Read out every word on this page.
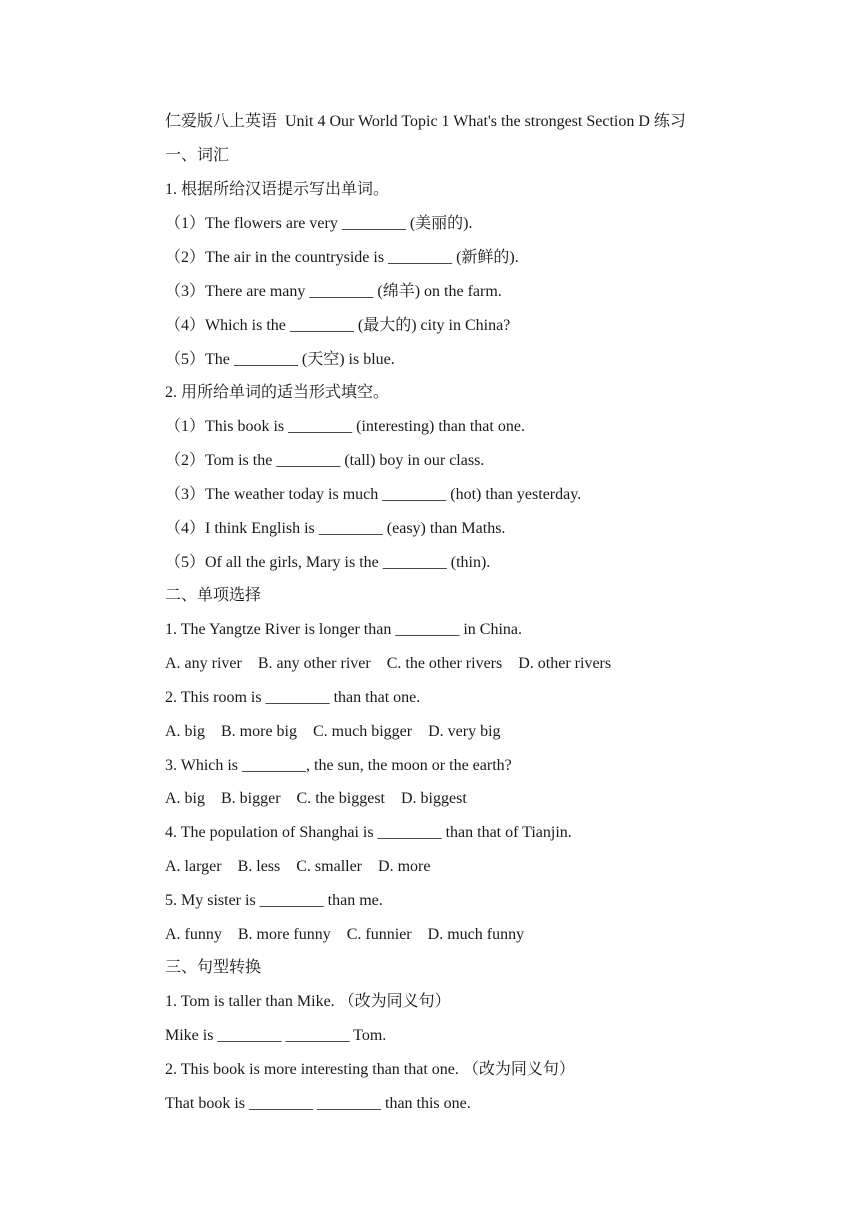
仁爱版八上英语  Unit 4 Our World Topic 1 What's the strongest Section D 练习
一、词汇
1. 根据所给汉语提示写出单词。
（1）The flowers are very ________ (美丽的).
（2）The air in the countryside is ________ (新鲜的).
（3）There are many ________ (绵羊) on the farm.
（4）Which is the ________ (最大的) city in China?
（5）The ________ (天空) is blue.
2. 用所给单词的适当形式填空。
（1）This book is ________ (interesting) than that one.
（2）Tom is the ________ (tall) boy in our class.
（3）The weather today is much ________ (hot) than yesterday.
（4）I think English is ________ (easy) than Maths.
（5）Of all the girls, Mary is the ________ (thin).
二、单项选择
1. The Yangtze River is longer than ________ in China.
A. any river    B. any other river    C. the other rivers    D. other rivers
2. This room is ________ than that one.
A. big    B. more big    C. much bigger    D. very big
3. Which is ________, the sun, the moon or the earth?
A. big    B. bigger    C. the biggest    D. biggest
4. The population of Shanghai is ________ than that of Tianjin.
A. larger    B. less    C. smaller    D. more
5. My sister is ________ than me.
A. funny    B. more funny    C. funnier    D. much funny
三、句型转换
1. Tom is taller than Mike. （改为同义句）
Mike is ________ ________ Tom.
2. This book is more interesting than that one. （改为同义句）
That book is ________ ________ than this one.
